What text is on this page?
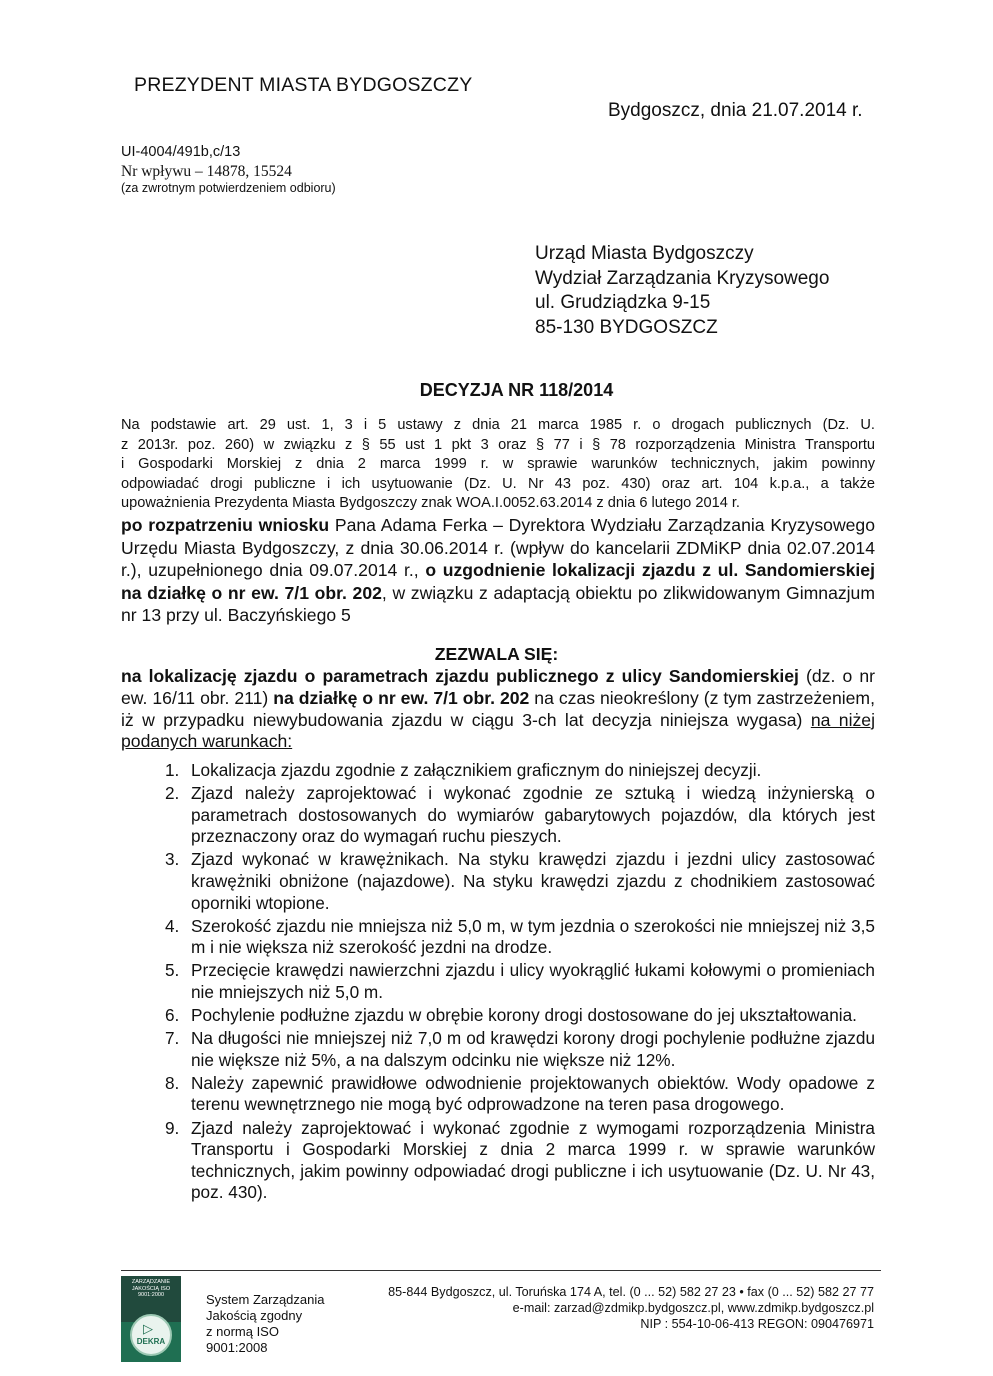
PREZYDENT MIASTA BYDGOSZCZY
Bydgoszcz, dnia 21.07.2014 r.
UI-4004/491b,c/13
Nr wpływu – 14878, 15524
(za zwrotnym potwierdzeniem odbioru)
Urząd Miasta Bydgoszczy
Wydział Zarządzania Kryzysowego
ul. Grudziądzka 9-15
85-130 BYDGOSZCZ
DECYZJA NR 118/2014
Na podstawie art. 29 ust. 1, 3 i 5 ustawy z dnia 21 marca 1985 r. o drogach publicznych (Dz. U.
z 2013r. poz. 260) w związku z § 55 ust 1 pkt 3 oraz § 77 i § 78 rozporządzenia Ministra Transportu
i Gospodarki Morskiej z dnia 2 marca 1999 r. w sprawie warunków technicznych, jakim powinny
odpowiadać drogi publiczne i ich usytuowanie (Dz. U. Nr 43 poz. 430) oraz art. 104 k.p.a., a także
upoważnienia Prezydenta Miasta Bydgoszczy znak WOA.I.0052.63.2014 z dnia 6 lutego 2014 r.
po rozpatrzeniu wniosku Pana Adama Ferka – Dyrektora Wydziału Zarządzania Kryzysowego Urzędu Miasta Bydgoszczy, z dnia 30.06.2014 r. (wpływ do kancelarii ZDMiKP dnia 02.07.2014 r.), uzupełnionego dnia 09.07.2014 r., o uzgodnienie lokalizacji zjazdu z ul. Sandomierskiej na działkę o nr ew. 7/1 obr. 202, w związku z adaptacją obiektu po zlikwidowanym Gimnazjum nr 13 przy ul. Baczyńskiego 5
ZEZWALA SIĘ:
na lokalizację zjazdu o parametrach zjazdu publicznego z ulicy Sandomierskiej (dz. o nr ew. 16/11 obr. 211) na działkę o nr ew. 7/1 obr. 202 na czas nieokreślony (z tym zastrzeżeniem, iż w przypadku niewybudowania zjazdu w ciągu 3-ch lat decyzja niniejsza wygasa) na niżej podanych warunkach:
1. Lokalizacja zjazdu zgodnie z załącznikiem graficznym do niniejszej decyzji.
2. Zjazd należy zaprojektować i wykonać zgodnie ze sztuką i wiedzą inżynierską o parametrach dostosowanych do wymiarów gabarytowych pojazdów, dla których jest przeznaczony oraz do wymagań ruchu pieszych.
3. Zjazd wykonać w krawężnikach. Na styku krawędzi zjazdu i jezdni ulicy zastosować krawężniki obniżone (najazdowe). Na styku krawędzi zjazdu z chodnikiem zastosować oporniki wtopione.
4. Szerokość zjazdu nie mniejsza niż 5,0 m, w tym jezdnia o szerokości nie mniejszej niż 3,5 m i nie większa niż szerokość jezdni na drodze.
5. Przecięcie krawędzi nawierzchni zjazdu i ulicy wyokrąglić łukami kołowymi o promieniach nie mniejszych niż 5,0 m.
6. Pochylenie podłużne zjazdu w obrębie korony drogi dostosowane do jej ukształtowania.
7. Na długości nie mniejszej niż 7,0 m od krawędzi korony drogi pochylenie podłużne zjazdu nie większe niż 5%, a na dalszym odcinku nie większe niż 12%.
8. Należy zapewnić prawidłowe odwodnienie projektowanych obiektów. Wody opadowe z terenu wewnętrznego nie mogą być odprowadzone na teren pasa drogowego.
9. Zjazd należy zaprojektować i wykonać zgodnie z wymogami rozporządzenia Ministra Transportu i Gospodarki Morskiej z dnia 2 marca 1999 r. w sprawie warunków technicznych, jakim powinny odpowiadać drogi publiczne i ich usytuowanie (Dz. U. Nr 43, poz. 430).
ZARZĄDZANIE JAKOŚCIĄ ISO 9001:2000
▷
DEKRA
System Zarządzania
Jakością zgodny
z normą ISO
9001:2008
85-844 Bydgoszcz, ul. Toruńska 174 A, tel. (0 ... 52) 582 27 23 • fax (0 ... 52) 582 27 77
e-mail: zarzad@zdmikp.bydgoszcz.pl, www.zdmikp.bydgoszcz.pl
NIP : 554-10-06-413 REGON: 090476971
